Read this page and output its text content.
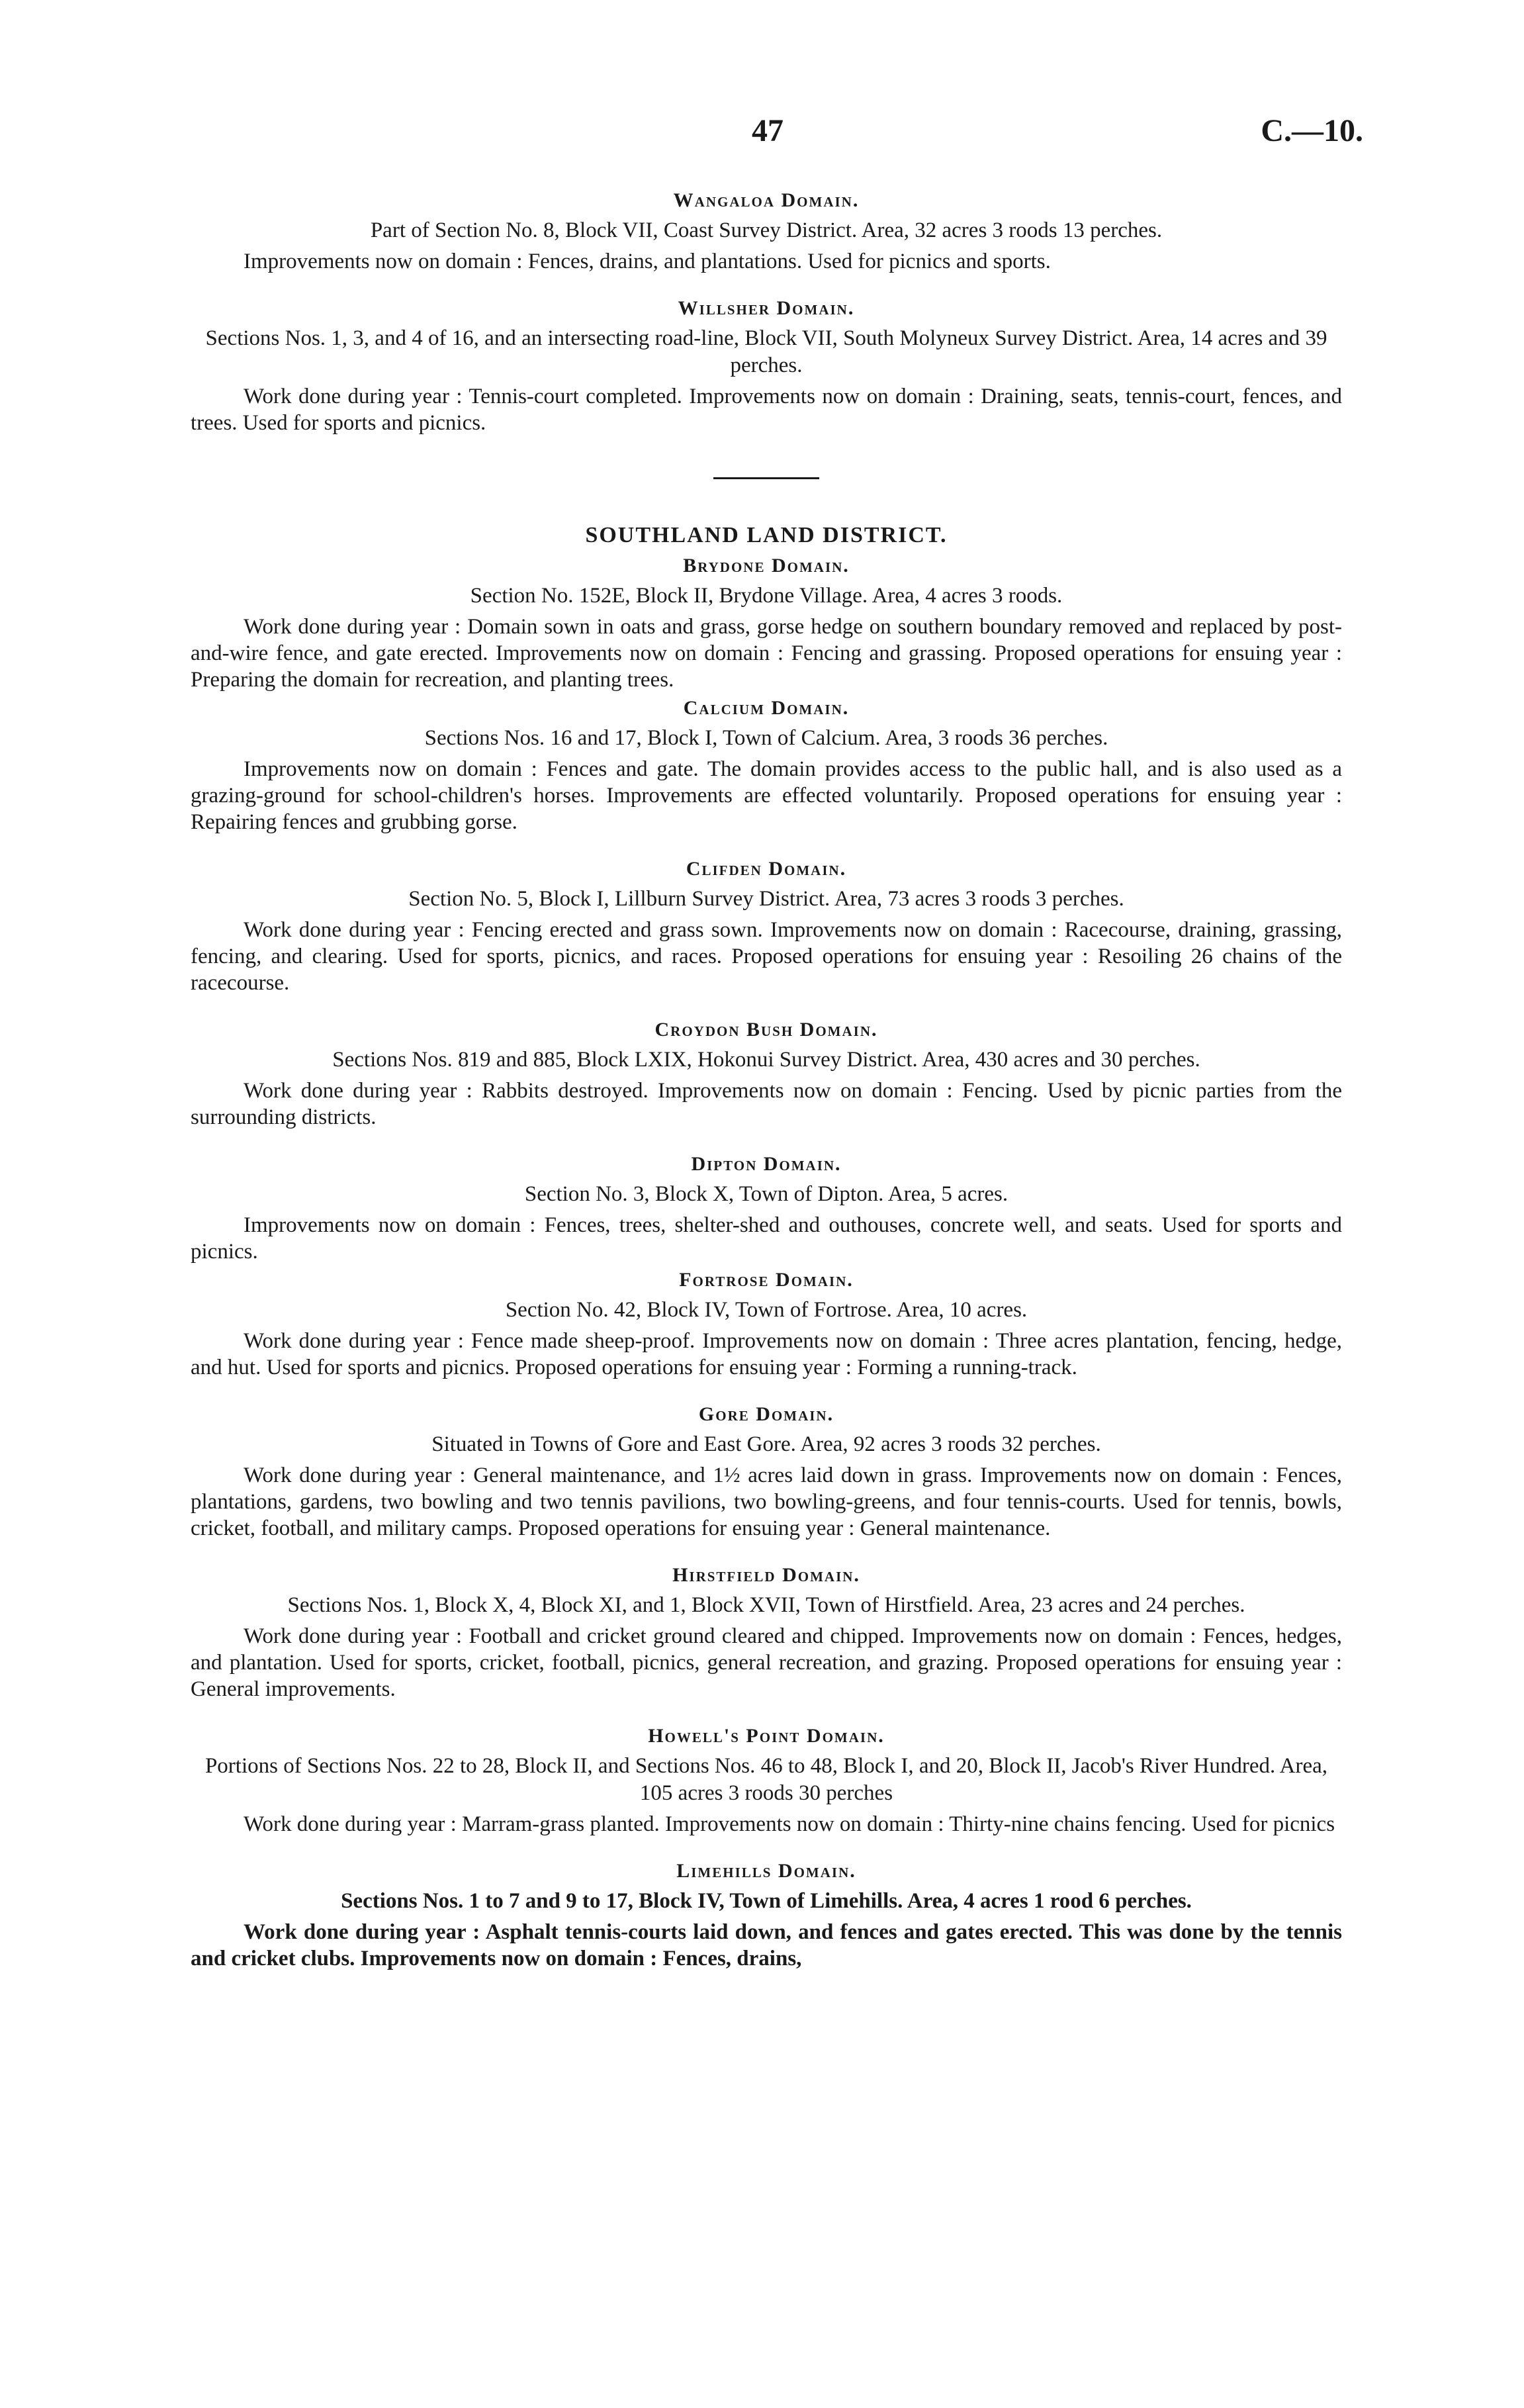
47	C.—10.
Wangaloa Domain.

Part of Section No. 8, Block VII, Coast Survey District. Area, 32 acres 3 roods 13 perches.

Improvements now on domain : Fences, drains, and plantations. Used for picnics and sports.

Willsher Domain.

Sections Nos. 1, 3, and 4 of 16, and an intersecting road-line, Block VII, South Molyneux Survey District. Area, 14 acres and 39 perches.

Work done during year : Tennis-court completed. Improvements now on domain : Draining, seats, tennis-court, fences, and trees. Used for sports and picnics.

SOUTHLAND LAND DISTRICT.
Brydone Domain.

Section No. 152E, Block II, Brydone Village. Area, 4 acres 3 roods.

Work done during year : Domain sown in oats and grass, gorse hedge on southern boundary removed and replaced by post-and-wire fence, and gate erected. Improvements now on domain : Fencing and grassing. Proposed operations for ensuing year : Preparing the domain for recreation, and planting trees.

Calcium Domain.

Sections Nos. 16 and 17, Block I, Town of Calcium. Area, 3 roods 36 perches.

Improvements now on domain : Fences and gate. The domain provides access to the public hall, and is also used as a grazing-ground for school-children's horses. Improvements are effected voluntarily. Proposed operations for ensuing year : Repairing fences and grubbing gorse.

Clifden Domain.

Section No. 5, Block I, Lillburn Survey District. Area, 73 acres 3 roods 3 perches.

Work done during year : Fencing erected and grass sown. Improvements now on domain : Racecourse, draining, grassing, fencing, and clearing. Used for sports, picnics, and races. Proposed operations for ensuing year : Resoiling 26 chains of the racecourse.

Croydon Bush Domain.

Sections Nos. 819 and 885, Block LXIX, Hokonui Survey District. Area, 430 acres and 30 perches.

Work done during year : Rabbits destroyed. Improvements now on domain : Fencing. Used by picnic parties from the surrounding districts.

Dipton Domain.

Section No. 3, Block X, Town of Dipton. Area, 5 acres.

Improvements now on domain : Fences, trees, shelter-shed and outhouses, concrete well, and seats. Used for sports and picnics.

Fortrose Domain.

Section No. 42, Block IV, Town of Fortrose. Area, 10 acres.

Work done during year : Fence made sheep-proof. Improvements now on domain : Three acres plantation, fencing, hedge, and hut. Used for sports and picnics. Proposed operations for ensuing year : Forming a running-track.

Gore Domain.

Situated in Towns of Gore and East Gore. Area, 92 acres 3 roods 32 perches.

Work done during year : General maintenance, and 1½ acres laid down in grass. Improvements now on domain : Fences, plantations, gardens, two bowling and two tennis pavilions, two bowling-greens, and four tennis-courts. Used for tennis, bowls, cricket, football, and military camps. Proposed operations for ensuing year : General maintenance.

Hirstfield Domain.

Sections Nos. 1, Block X, 4, Block XI, and 1, Block XVII, Town of Hirstfield. Area, 23 acres and 24 perches.

Work done during year : Football and cricket ground cleared and chipped. Improvements now on domain : Fences, hedges, and plantation. Used for sports, cricket, football, picnics, general recreation, and grazing. Proposed operations for ensuing year : General improvements.

Howell's Point Domain.

Portions of Sections Nos. 22 to 28, Block II, and Sections Nos. 46 to 48, Block I, and 20, Block II, Jacob's River Hundred. Area, 105 acres 3 roods 30 perches

Work done during year : Marram-grass planted. Improvements now on domain : Thirty-nine chains fencing. Used for picnics

Limehills Domain.

Sections Nos. 1 to 7 and 9 to 17, Block IV, Town of Limehills. Area, 4 acres 1 rood 6 perches.

Work done during year : Asphalt tennis-courts laid down, and fences and gates erected. This was done by the tennis and cricket clubs. Improvements now on domain : Fences, drains,
